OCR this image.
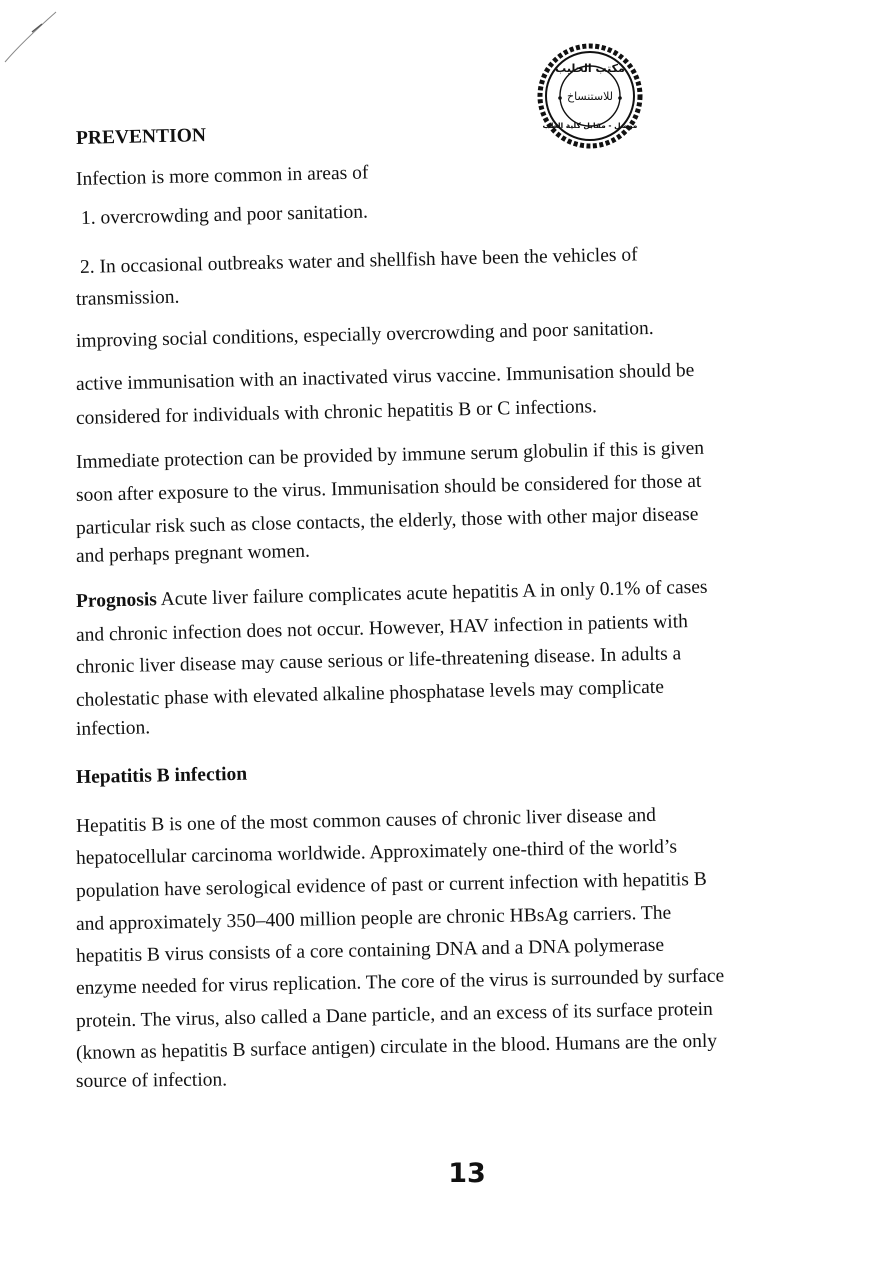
مكتب الحليب
للاستنساخ
موصل - مقابل كلية الطب
PREVENTION
Infection is more common in areas of
1. overcrowding and poor sanitation.
2. In occasional outbreaks water and shellfish have been the vehicles of
transmission.
improving social conditions, especially overcrowding and poor sanitation.
active immunisation with an inactivated virus vaccine. Immunisation should be
considered for individuals with chronic hepatitis B or C infections.
Immediate protection can be provided by immune serum globulin if this is given
soon after exposure to the virus. Immunisation should be considered for those at
particular risk such as close contacts, the elderly, those with other major disease
and perhaps pregnant women.
Prognosis Acute liver failure complicates acute hepatitis A in only 0.1% of cases
and chronic infection does not occur. However, HAV infection in patients with
chronic liver disease may cause serious or life-threatening disease. In adults a
cholestatic phase with elevated alkaline phosphatase levels may complicate
infection.
Hepatitis B infection
Hepatitis B is one of the most common causes of chronic liver disease and
hepatocellular carcinoma worldwide. Approximately one-third of the world’s
population have serological evidence of past or current infection with hepatitis B
and approximately 350–400 million people are chronic HBsAg carriers. The
hepatitis B virus consists of a core containing DNA and a DNA polymerase
enzyme needed for virus replication. The core of the virus is surrounded by surface
protein. The virus, also called a Dane particle, and an excess of its surface protein
(known as hepatitis B surface antigen) circulate in the blood. Humans are the only
source of infection.
13
